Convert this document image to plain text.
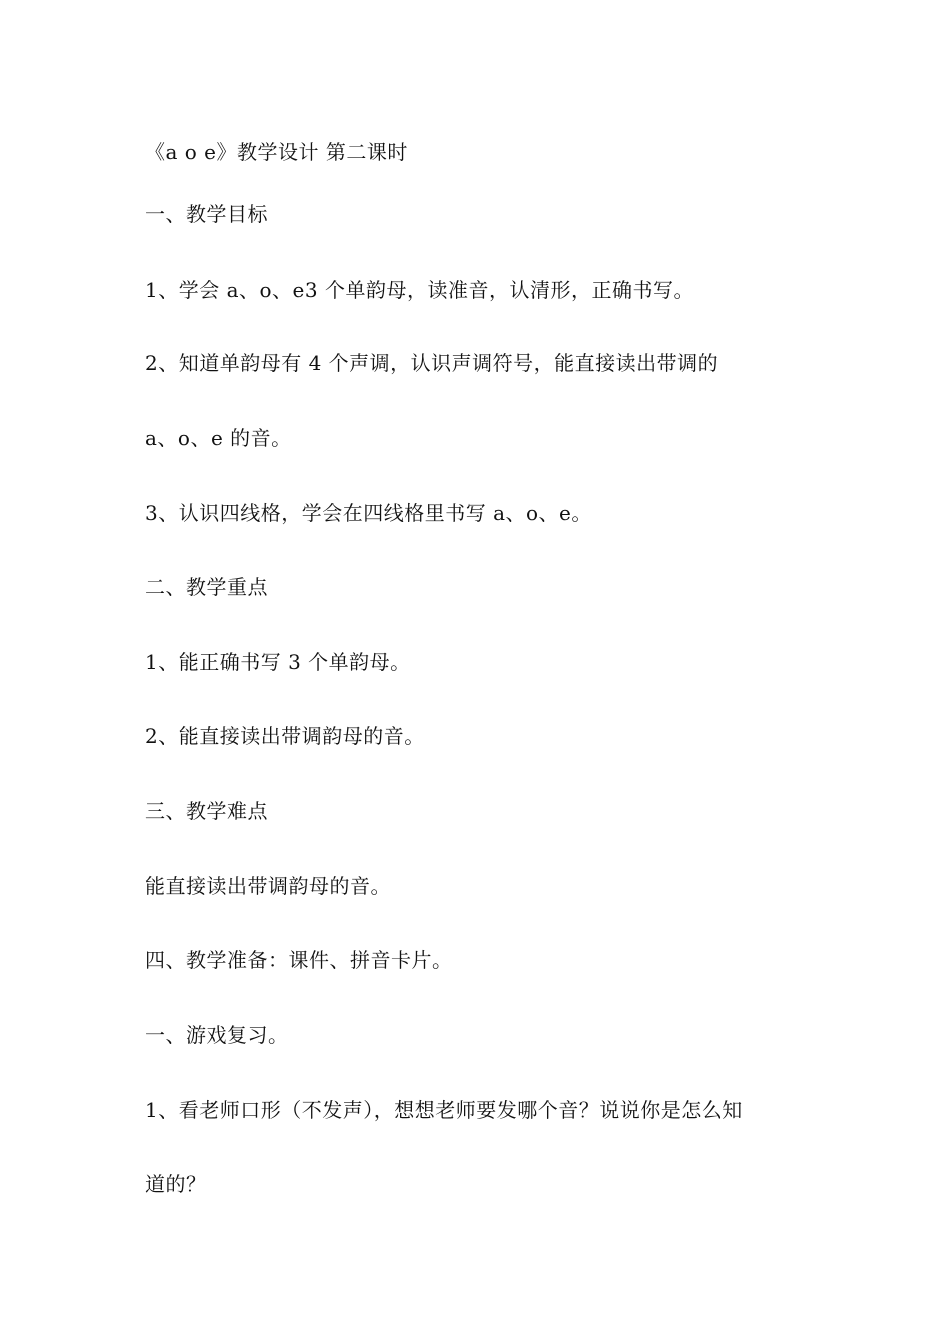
《a o e》教学设计 第二课时
一、教学目标
1、学会 a、o、e3 个单韵母，读准音，认清形，正确书写。
2、知道单韵母有 4 个声调，认识声调符号，能直接读出带调的
a、o、e 的音。
3、认识四线格，学会在四线格里书写 a、o、e。
二、教学重点
1、能正确书写 3 个单韵母。
2、能直接读出带调韵母的音。
三、教学难点
能直接读出带调韵母的音。
四、教学准备：课件、拼音卡片。
一、游戏复习。
1、看老师口形（不发声），想想老师要发哪个音？说说你是怎么知
道的？
